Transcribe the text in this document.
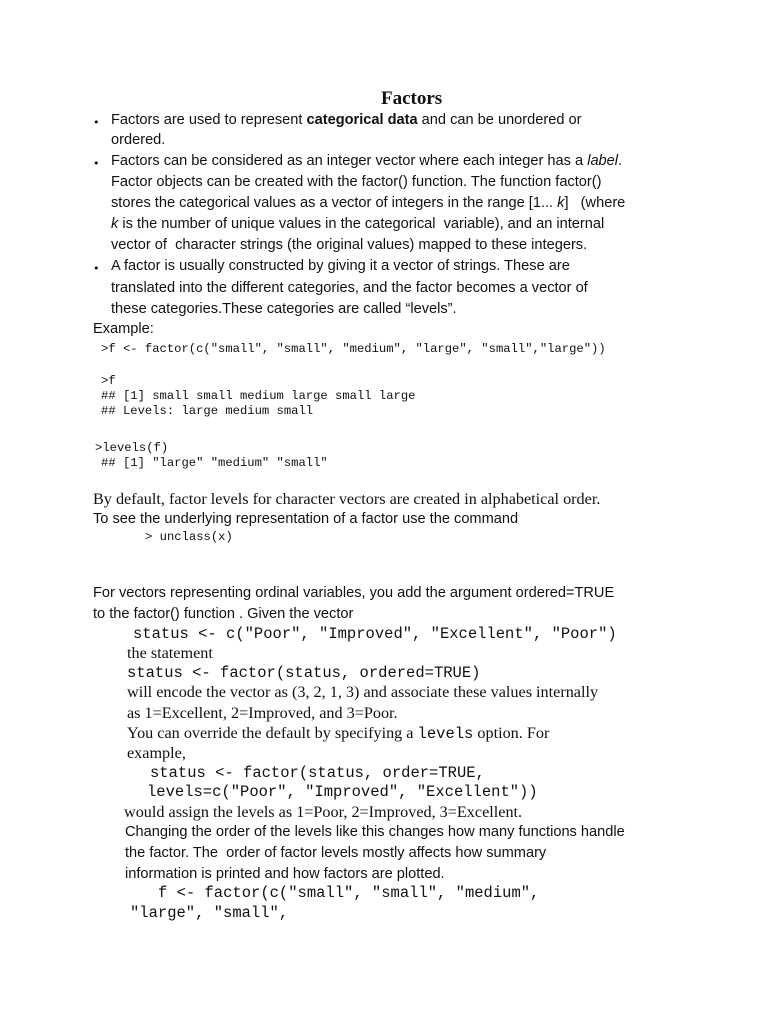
Factors
• Factors are used to represent categorical data and can be unordered or
ordered.
• Factors can be considered as an integer vector where each integer has a label.
Factor objects can be created with the factor() function. The function factor()
stores the categorical values as a vector of integers in the range [1... k]   (where
k is the number of unique values in the categorical  variable), and an internal
vector of  character strings (the original values) mapped to these integers.
• A factor is usually constructed by giving it a vector of strings. These are
translated into the different categories, and the factor becomes a vector of
these categories.These categories are called “levels”.
Example:
>f <- factor(c("small", "small", "medium", "large", "small","large"))
>f
## [1] small small medium large small large
## Levels: large medium small
>levels(f)
## [1] "large" "medium" "small"
By default, factor levels for character vectors are created in alphabetical order.
To see the underlying representation of a factor use the command
> unclass(x)
For vectors representing ordinal variables, you add the argument ordered=TRUE
to the factor() function . Given the vector
status <- c("Poor", "Improved", "Excellent", "Poor")
the statement
status <- factor(status, ordered=TRUE)
will encode the vector as (3, 2, 1, 3) and associate these values internally
as 1=Excellent, 2=Improved, and 3=Poor.
You can override the default by specifying a levels option. For
example,
status <- factor(status, order=TRUE,
levels=c("Poor", "Improved", "Excellent"))
would assign the levels as 1=Poor, 2=Improved, 3=Excellent.
Changing the order of the levels like this changes how many functions handle
the factor. The  order of factor levels mostly affects how summary
information is printed and how factors are plotted.
f <- factor(c("small", "small", "medium",
"large", "small",
